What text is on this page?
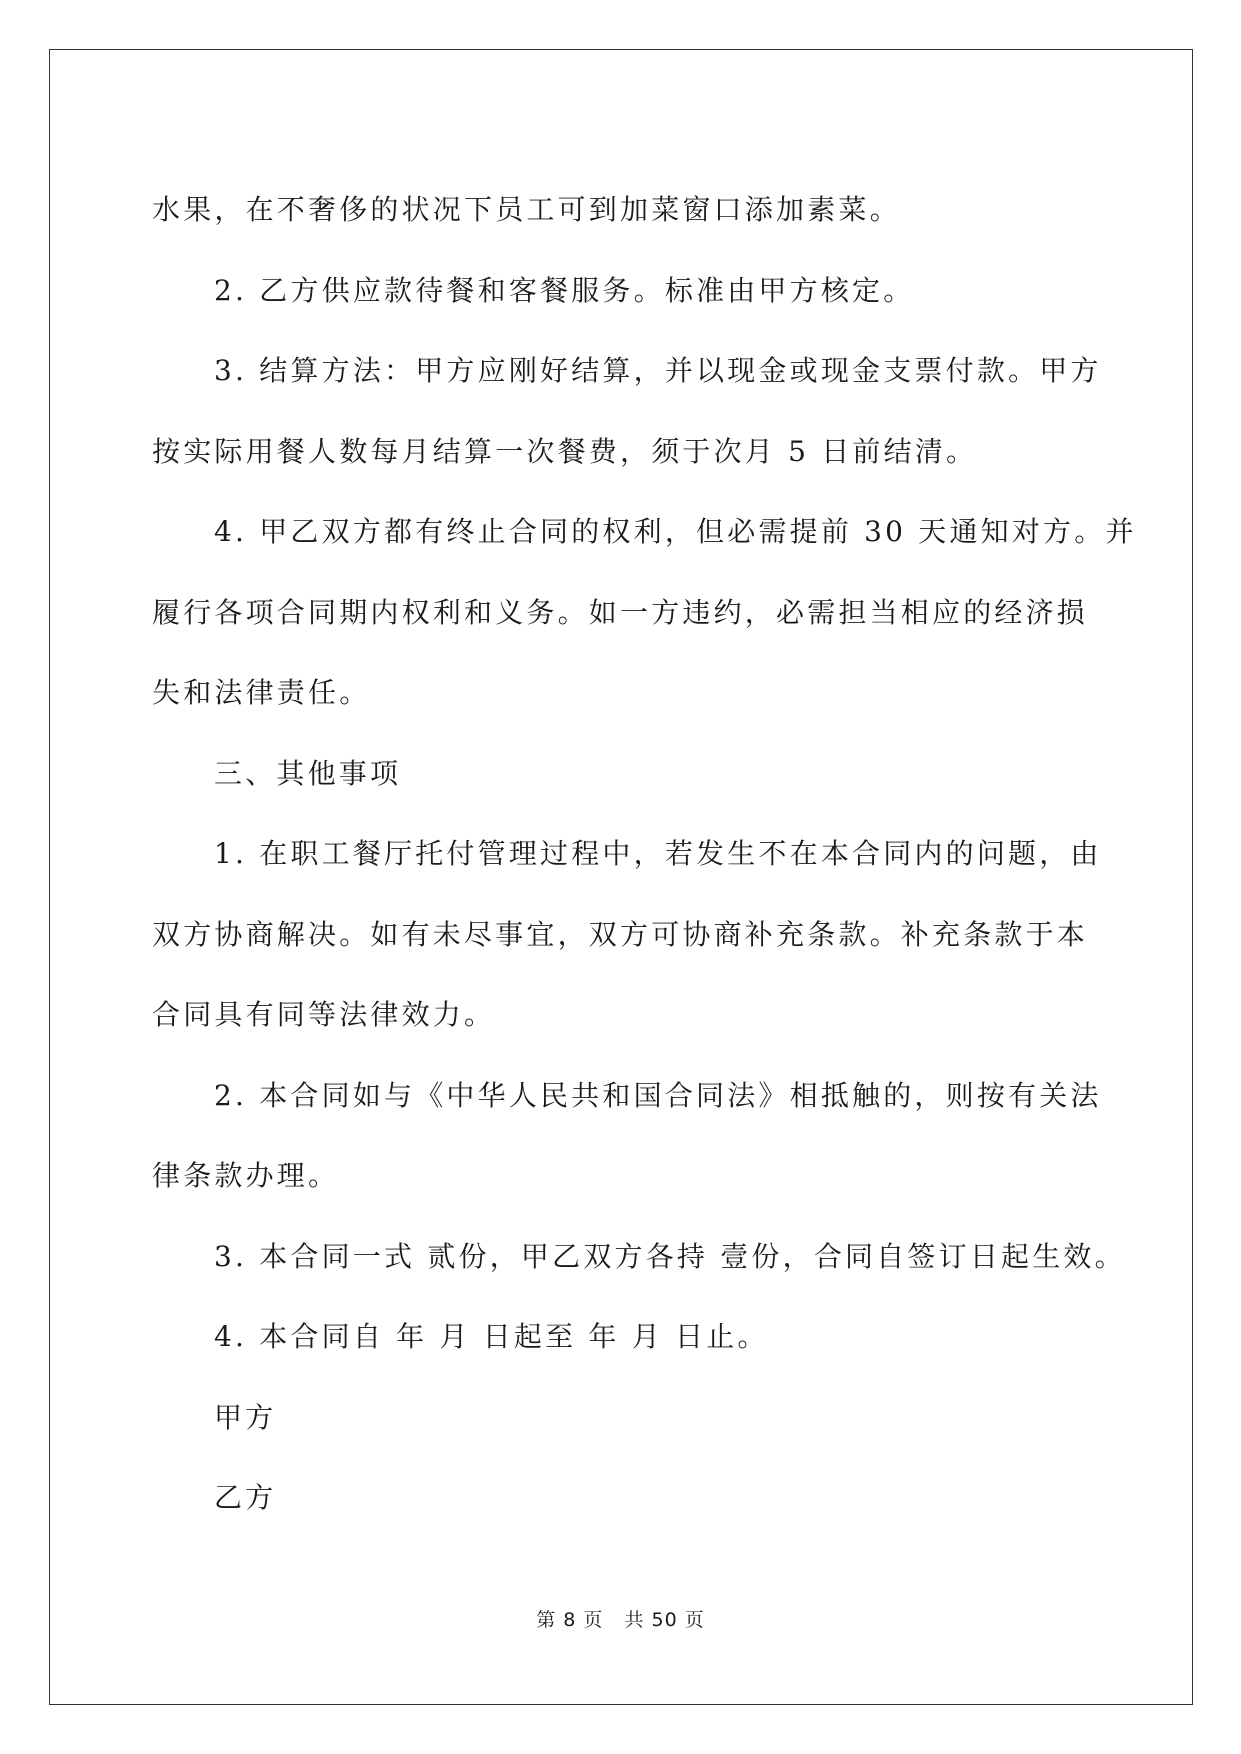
水果，在不奢侈的状况下员工可到加菜窗口添加素菜。

2. 乙方供应款待餐和客餐服务。标准由甲方核定。

3. 结算方法：甲方应刚好结算，并以现金或现金支票付款。甲方

按实际用餐人数每月结算一次餐费，须于次月 5 日前结清。

4. 甲乙双方都有终止合同的权利，但必需提前 30 天通知对方。并

履行各项合同期内权利和义务。如一方违约，必需担当相应的经济损

失和法律责任。

三、其他事项

1. 在职工餐厅托付管理过程中，若发生不在本合同内的问题，由

双方协商解决。如有未尽事宜，双方可协商补充条款。补充条款于本

合同具有同等法律效力。

2. 本合同如与《中华人民共和国合同法》相抵触的，则按有关法

律条款办理。

3. 本合同一式 贰份，甲乙双方各持 壹份，合同自签订日起生效。

4. 本合同自 年 月 日起至 年 月 日止。

甲方

乙方

第 8 页   共 50 页
